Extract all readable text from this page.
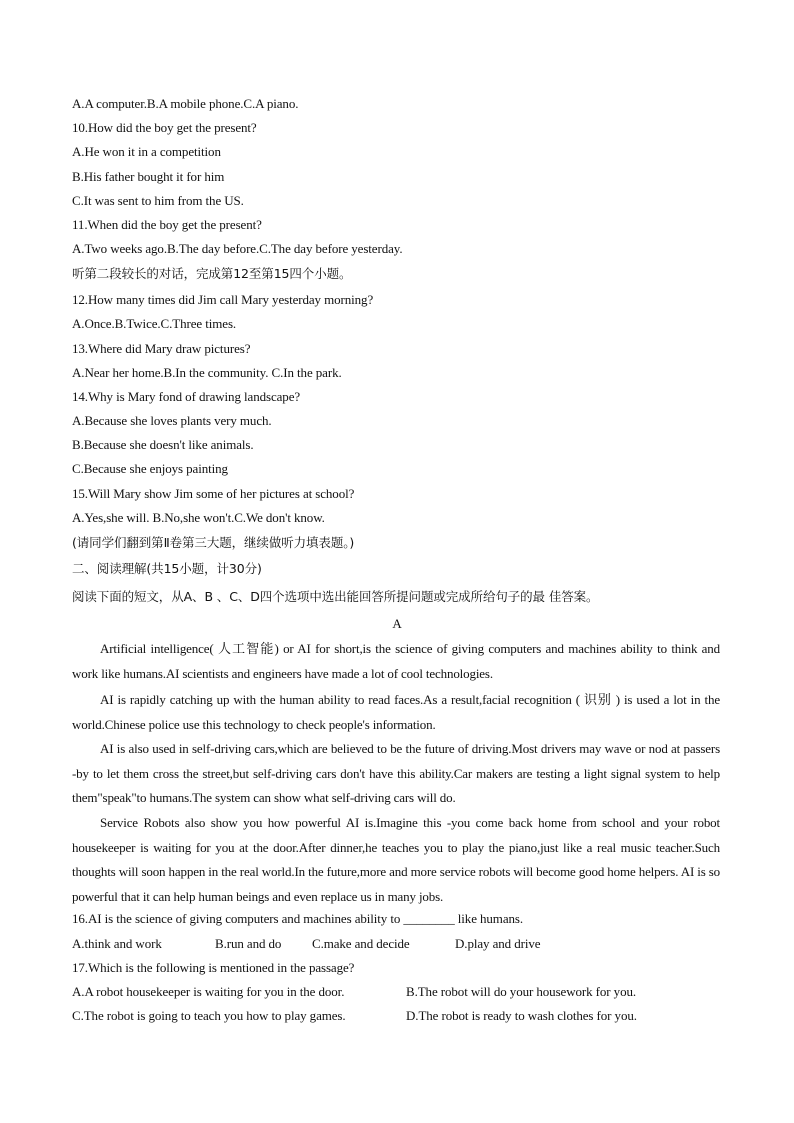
A.A computer.B.A mobile phone.C.A piano.
10.How did the boy get the present?
A.He won it in a competition
B.His father bought it for him
C.It was sent to him from the US.
11.When did the boy get the present?
A.Two weeks ago.B.The day before.C.The day before yesterday.
听第二段较长的对话，完成第12至第15四个小题。
12.How many times did Jim call Mary yesterday morning?
A.Once.B.Twice.C.Three times.
13.Where did Mary draw pictures?
A.Near her home.B.In the community. C.In the park.
14.Why is Mary fond of drawing landscape?
A.Because she loves plants very much.
B.Because she doesn't like animals.
C.Because she enjoys painting
15.Will Mary show Jim some of her pictures at school?
A.Yes,she will. B.No,she won't.C.We don't know.
(请同学们翻到第Ⅱ卷第三大题，继续做听力填表题。)
二、阅读理解(共15小题，计30分)
阅读下面的短文，从A、B 、C、D四个选项中选出能回答所提问题或完成所给句子的最 佳答案。
A
Artificial intelligence( 人工智能) or AI for short,is the science of giving computers and machines ability to think and work like humans.AI scientists and engineers have made a lot of cool technologies.
AI is rapidly catching up with the human ability to read faces.As a result,facial recognition ( 识别 ) is used a lot in the world.Chinese police use this technology to check people's information.
AI is also used in self-driving cars,which are believed to be the future of driving.Most drivers may wave or nod at passers -by to let them cross the street,but self-driving cars don't have this ability.Car makers are testing a light signal system to help them"speak"to humans.The system can show what self-driving cars will do.
Service Robots also show you how powerful AI is.Imagine this -you come back home from school and your robot housekeeper is waiting for you at the door.After dinner,he teaches you to play the piano,just like a real music teacher.Such thoughts will soon happen in the real world.In the future,more and more service robots will become good home helpers. AI is so powerful that it can help human beings and even replace us in many jobs.
16.AI is the science of giving computers and machines ability to ________ like humans.
A.think and work	B.run and do C.make and decide	D.play and drive
17.Which is the following is mentioned in the passage?
A.A robot housekeeper is waiting for you in the door.	B.The robot will do your housework for you.
C.The robot is going to teach you how to play games.	D.The robot is ready to wash clothes for you.
